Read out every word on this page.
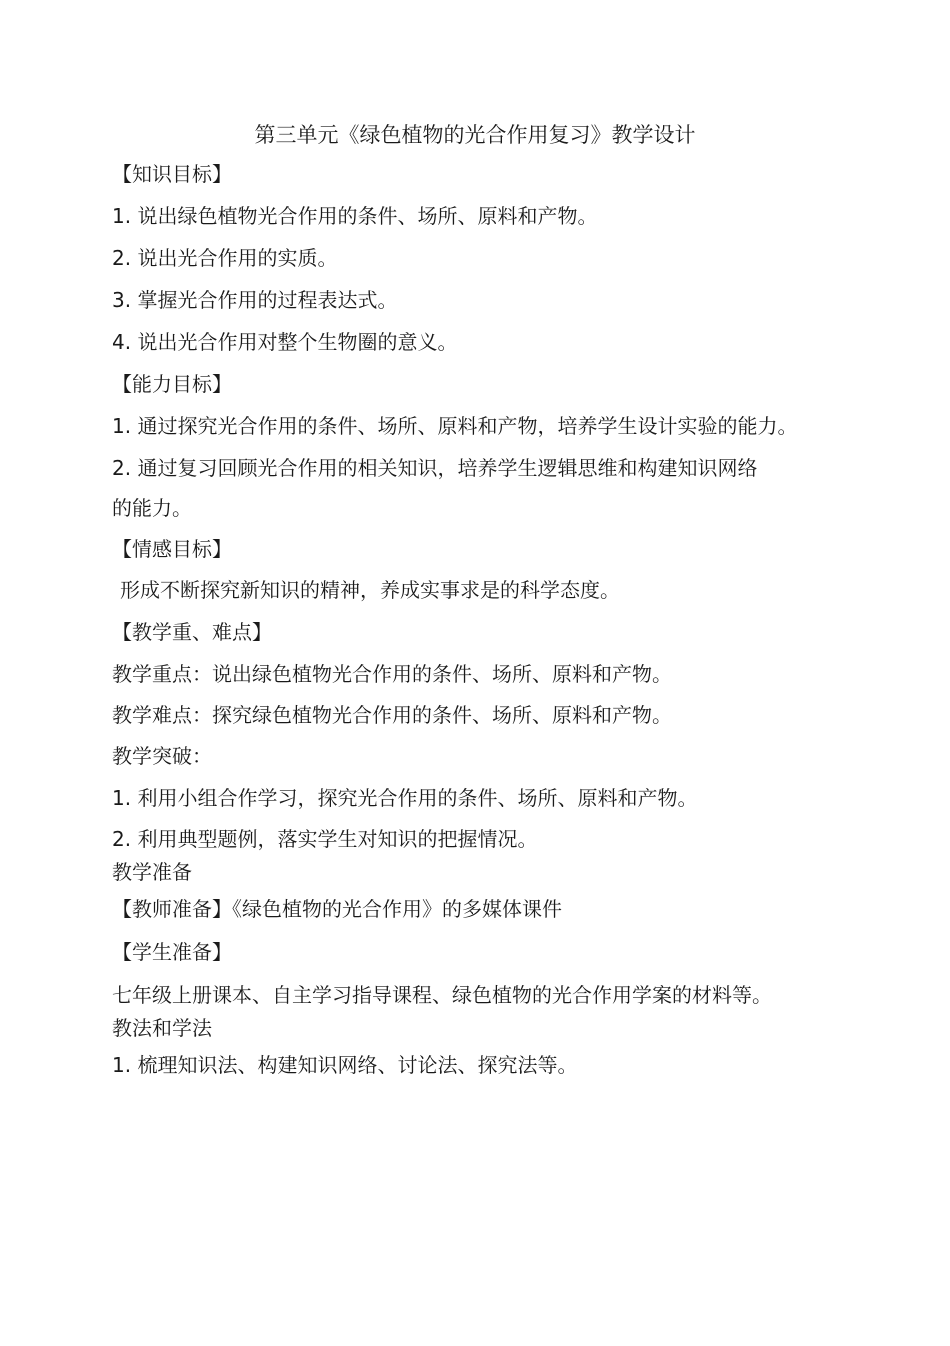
第三单元《绿色植物的光合作用复习》教学设计
【知识目标】
1. 说出绿色植物光合作用的条件、场所、原料和产物。
2. 说出光合作用的实质。
3. 掌握光合作用的过程表达式。
4. 说出光合作用对整个生物圈的意义。
【能力目标】
1. 通过探究光合作用的条件、场所、原料和产物，培养学生设计实验的能力。
2. 通过复习回顾光合作用的相关知识，培养学生逻辑思维和构建知识网络
的能力。
【情感目标】
形成不断探究新知识的精神，养成实事求是的科学态度。
【教学重、难点】
教学重点：说出绿色植物光合作用的条件、场所、原料和产物。
教学难点：探究绿色植物光合作用的条件、场所、原料和产物。
教学突破：
1. 利用小组合作学习，探究光合作用的条件、场所、原料和产物。
2. 利用典型题例，落实学生对知识的把握情况。
教学准备
【教师准备】《绿色植物的光合作用》的多媒体课件
【学生准备】
七年级上册课本、自主学习指导课程、绿色植物的光合作用学案的材料等。
教法和学法
1. 梳理知识法、构建知识网络、讨论法、探究法等。
